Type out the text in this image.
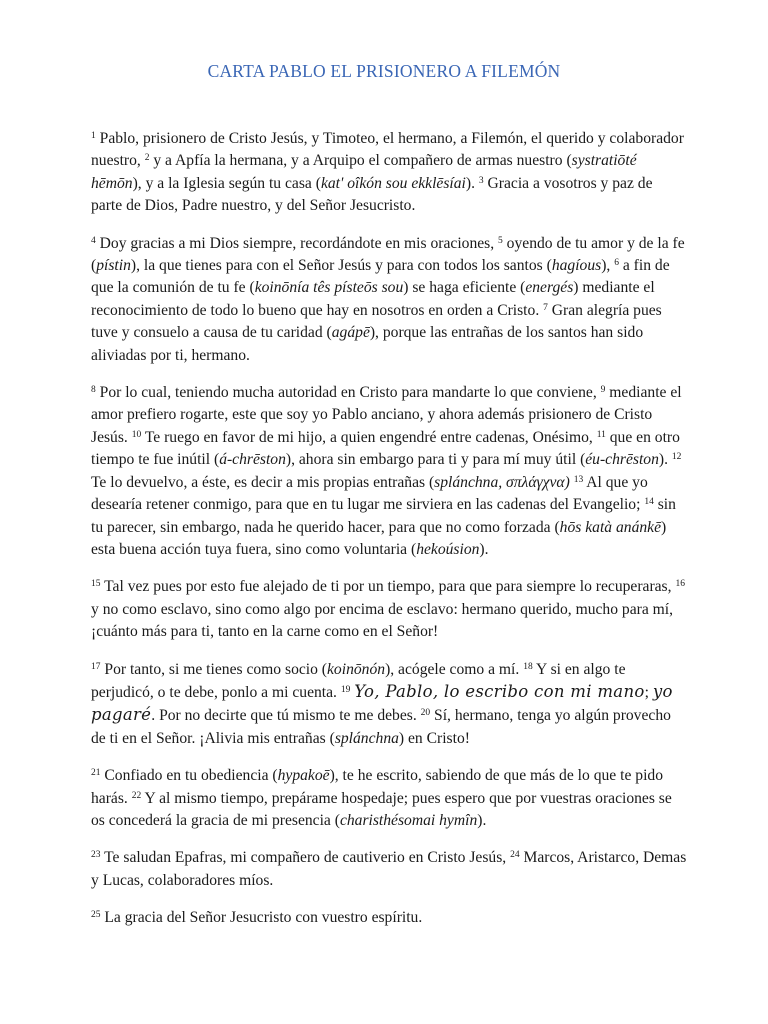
CARTA PABLO EL PRISIONERO A FILEMÓN

$^1$ Pablo, prisionero de Cristo Jesús, y Timoteo, el hermano, a Filemón, el querido y colaborador nuestro, $^2$ y a Apfía la hermana, y a Arquipo el compañero de armas nuestro (systratiōté hēmōn), y a la Iglesia según tu casa (kat' oîkón sou ekklēsíai). $^3$ Gracia a vosotros y paz de parte de Dios, Padre nuestro, y del Señor Jesucristo.

$^4$ Doy gracias a mi Dios siempre, recordándote en mis oraciones, $^5$ oyendo de tu amor y de la fe (pístin), la que tienes para con el Señor Jesús y para con todos los santos (hagíous), $^6$ a fin de que la comunión de tu fe (koinōnía tês písteōs sou) se haga eficiente (energés) mediante el reconocimiento de todo lo bueno que hay en nosotros en orden a Cristo. $^7$ Gran alegría pues tuve y consuelo a causa de tu caridad (agápē), porque las entrañas de los santos han sido aliviadas por ti, hermano.

$^8$ Por lo cual, teniendo mucha autoridad en Cristo para mandarte lo que conviene, $^9$ mediante el amor prefiero rogarte, este que soy yo Pablo anciano, y ahora además prisionero de Cristo Jesús. $^{10}$ Te ruego en favor de mi hijo, a quien engendré entre cadenas, Onésimo, $^{11}$ que en otro tiempo te fue inútil (á-chrēston), ahora sin embargo para ti y para mí muy útil (éu-chrēston). $^{12}$ Te lo devuelvo, a éste, es decir a mis propias entrañas (splánchna, σπλάγχνα) $^{13}$ Al que yo desearía retener conmigo, para que en tu lugar me sirviera en las cadenas del Evangelio; $^{14}$ sin tu parecer, sin embargo, nada he querido hacer, para que no como forzada (hōs katà anánkē) esta buena acción tuya fuera, sino como voluntaria (hekoúsion).

$^{15}$ Tal vez pues por esto fue alejado de ti por un tiempo, para que para siempre lo recuperaras, $^{16}$ y no como esclavo, sino como algo por encima de esclavo: hermano querido, mucho para mí, ¡cuánto más para ti, tanto en la carne como en el Señor!

$^{17}$ Por tanto, si me tienes como socio (koinōnón), acógele como a mí. $^{18}$ Y si en algo te perjudicó, o te debe, ponlo a mi cuenta. $^{19}$ Yo, Pablo, lo escribo con mi mano; yo pagaré. Por no decirte que tú mismo te me debes. $^{20}$ Sí, hermano, tenga yo algún provecho de ti en el Señor. ¡Alivia mis entrañas (splánchna) en Cristo!

$^{21}$ Confiado en tu obediencia (hypakoē), te he escrito, sabiendo de que más de lo que te pido harás. $^{22}$ Y al mismo tiempo, prepárame hospedaje; pues espero que por vuestras oraciones se os concederá la gracia de mi presencia (charisthésomai hymîn).

$^{23}$ Te saludan Epafras, mi compañero de cautiverio en Cristo Jesús, $^{24}$ Marcos, Aristarco, Demas y Lucas, colaboradores míos.

$^{25}$ La gracia del Señor Jesucristo con vuestro espíritu.
